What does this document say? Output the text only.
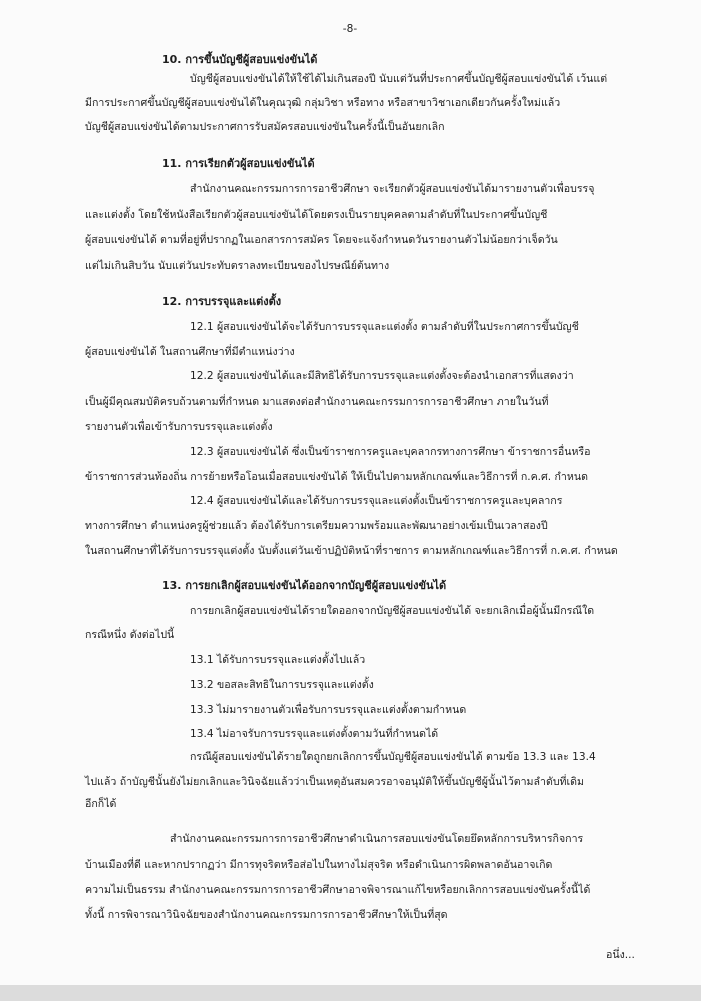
-8-
10. การขึ้นบัญชีผู้สอบแข่งขันได้
บัญชีผู้สอบแข่งขันได้ให้ใช้ได้ไม่เกินสองปี นับแต่วันที่ประกาศขึ้นบัญชีผู้สอบแข่งขันได้ เว้นแต่
มีการประกาศขึ้นบัญชีผู้สอบแข่งขันได้ในคุณวุฒิ กลุ่มวิชา หรือทาง หรือสาขาวิชาเอกเดียวกันครั้งใหม่แล้ว
บัญชีผู้สอบแข่งขันได้ตามประกาศการรับสมัครสอบแข่งขันในครั้งนี้เป็นอันยกเลิก
11. การเรียกตัวผู้สอบแข่งขันได้
สำนักงานคณะกรรมการการอาชีวศึกษา จะเรียกตัวผู้สอบแข่งขันได้มารายงานตัวเพื่อบรรจุ
และแต่งตั้ง โดยใช้หนังสือเรียกตัวผู้สอบแข่งขันได้โดยตรงเป็นรายบุคคลตามลำดับที่ในประกาศขึ้นบัญชี
ผู้สอบแข่งขันได้ ตามที่อยู่ที่ปรากฏในเอกสารการสมัคร โดยจะแจ้งกำหนดวันรายงานตัวไม่น้อยกว่าเจ็ดวัน
แต่ไม่เกินสิบวัน นับแต่วันประทับตราลงทะเบียนของไปรษณีย์ต้นทาง
12. การบรรจุและแต่งตั้ง
12.1 ผู้สอบแข่งขันได้จะได้รับการบรรจุและแต่งตั้ง ตามลำดับที่ในประกาศการขึ้นบัญชี
ผู้สอบแข่งขันได้ ในสถานศึกษาที่มีตำแหน่งว่าง
12.2 ผู้สอบแข่งขันได้และมีสิทธิได้รับการบรรจุและแต่งตั้งจะต้องนำเอกสารที่แสดงว่า
เป็นผู้มีคุณสมบัติครบถ้วนตามที่กำหนด มาแสดงต่อสำนักงานคณะกรรมการการอาชีวศึกษา ภายในวันที่
รายงานตัวเพื่อเข้ารับการบรรจุและแต่งตั้ง
12.3 ผู้สอบแข่งขันได้ ซึ่งเป็นข้าราชการครูและบุคลากรทางการศึกษา ข้าราชการอื่นหรือ
ข้าราชการส่วนท้องถิ่น การย้ายหรือโอนเมื่อสอบแข่งขันได้ ให้เป็นไปตามหลักเกณฑ์และวิธีการที่ ก.ค.ศ. กำหนด
12.4 ผู้สอบแข่งขันได้และได้รับการบรรจุและแต่งตั้งเป็นข้าราชการครูและบุคลากร
ทางการศึกษา ตำแหน่งครูผู้ช่วยแล้ว ต้องได้รับการเตรียมความพร้อมและพัฒนาอย่างเข้มเป็นเวลาสองปี
ในสถานศึกษาที่ได้รับการบรรจุแต่งตั้ง นับตั้งแต่วันเข้าปฏิบัติหน้าที่ราชการ ตามหลักเกณฑ์และวิธีการที่ ก.ค.ศ. กำหนด
13. การยกเลิกผู้สอบแข่งขันได้ออกจากบัญชีผู้สอบแข่งขันได้
การยกเลิกผู้สอบแข่งขันได้รายใดออกจากบัญชีผู้สอบแข่งขันได้ จะยกเลิกเมื่อผู้นั้นมีกรณีใด
กรณีหนึ่ง ดังต่อไปนี้
13.1 ได้รับการบรรจุและแต่งตั้งไปแล้ว
13.2 ขอสละสิทธิในการบรรจุและแต่งตั้ง
13.3 ไม่มารายงานตัวเพื่อรับการบรรจุและแต่งตั้งตามกำหนด
13.4 ไม่อาจรับการบรรจุและแต่งตั้งตามวันที่กำหนดได้
กรณีผู้สอบแข่งขันได้รายใดถูกยกเลิกการขึ้นบัญชีผู้สอบแข่งขันได้ ตามข้อ 13.3 และ 13.4
ไปแล้ว ถ้าบัญชีนั้นยังไม่ยกเลิกและวินิจฉัยแล้วว่าเป็นเหตุอันสมควรอาจอนุมัติให้ขึ้นบัญชีผู้นั้นไว้ตามลำดับที่เดิม
อีกก็ได้
สำนักงานคณะกรรมการการอาชีวศึกษาดำเนินการสอบแข่งขันโดยยึดหลักการบริหารกิจการ
บ้านเมืองที่ดี และหากปรากฏว่า มีการทุจริตหรือส่อไปในทางไม่สุจริต หรือดำเนินการผิดพลาดอันอาจเกิด
ความไม่เป็นธรรม สำนักงานคณะกรรมการการอาชีวศึกษาอาจพิจารณาแก้ไขหรือยกเลิกการสอบแข่งขันครั้งนี้ได้
ทั้งนี้ การพิจารณาวินิจฉัยของสำนักงานคณะกรรมการการอาชีวศึกษาให้เป็นที่สุด
อนึ่ง...
